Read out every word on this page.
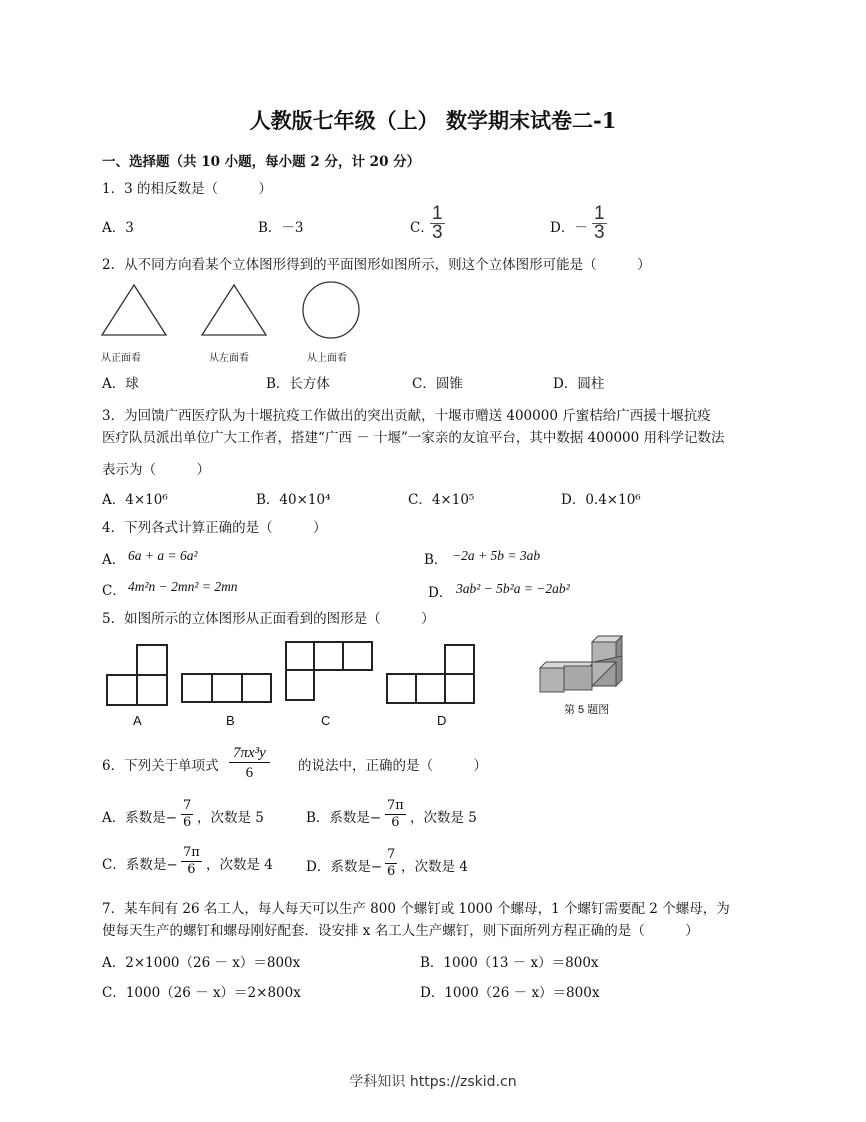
人教版七年级（上） 数学期末试卷二-1
一、选择题（共 10 小题，每小题 2 分，计 20 分）
1．3 的相反数是（　　　）
A．3	B．－3	C．
$\frac{1}{3}$	D．－ $\frac{1}{3}$
2．从不同方向看某个立体图形得到的平面图形如图所示，则这个立体图形可能是（　　　）
从正面看	从左面看	从上面看
A．球	B．长方体	C．圆锥	D．圆柱
3．为回馈广西医疗队为十堰抗疫工作做出的突出贡献，十堰市赠送 400000 斤蜜桔给广西援十堰抗疫
医疗队员派出单位广大工作者，搭建“广西 － 十堰”一家亲的友谊平台，其中数据 400000 用科学记数法
表示为（　　　）
A．4×10⁶	B．40×10⁴	C．4×10⁵	D．0.4×10⁶
4．下列各式计算正确的是（　　　）
A． 6a + a = 6a²	B． −2a + 5b = 3ab
C． 4m²n − 2mn² = 2mn	D． 3ab² − 5b²a = −2ab²
5．如图所示的立体图形从正面看到的图形是（　　　）
A	B	C	D
第 5 题图
6．下列关于单项式 $\frac{\text{7πx³y}}{6}$ 的说法中，正确的是（　　　）
A．系数是− $\frac{7}{6}$ ，次数是 5	B．系数是− $\frac{7\pi}{6}$ ，次数是 5
C．系数是− $\frac{7\pi}{6}$ ，次数是 4 D．系数是− $\frac{7}{6}$ ，次数是 4
7．某车间有 26 名工人，每人每天可以生产 800 个螺钉或 1000 个螺母，1 个螺钉需要配 2 个螺母，为
使每天生产的螺钉和螺母刚好配套．设安排 x 名工人生产螺钉，则下面所列方程正确的是（　　　）
A．2×1000（26 － x）＝800x	B．1000（13 － x）＝800x
C．1000（26 － x）＝2×800x	D．1000（26 － x）＝800x
学科知识 https://zskid.cn
